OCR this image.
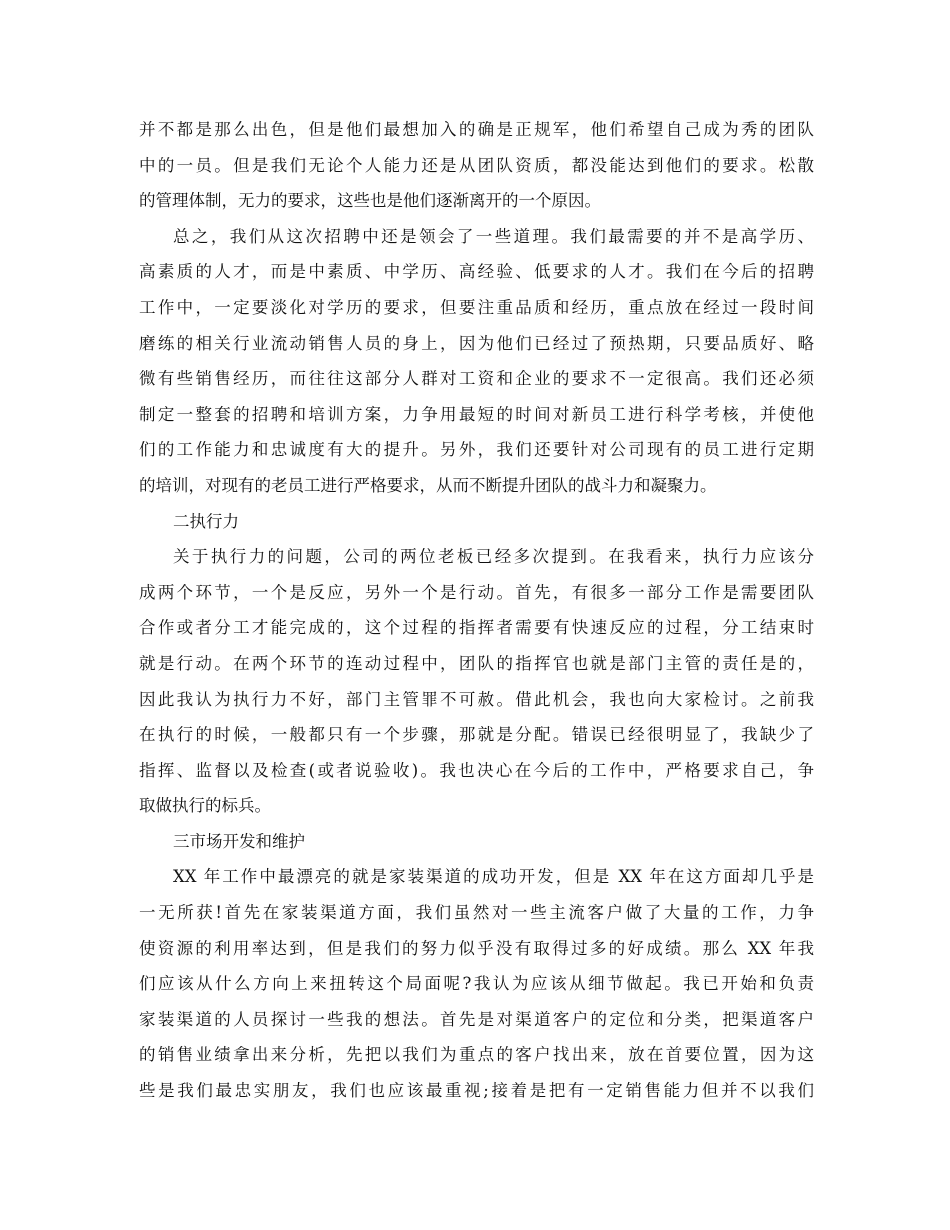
并不都是那么出色，但是他们最想加入的确是正规军，他们希望自己成为秀的团队
中的一员。但是我们无论个人能力还是从团队资质，都没能达到他们的要求。松散
的管理体制，无力的要求，这些也是他们逐渐离开的一个原因。
总之，我们从这次招聘中还是领会了一些道理。我们最需要的并不是高学历、
高素质的人才，而是中素质、中学历、高经验、低要求的人才。我们在今后的招聘
工作中，一定要淡化对学历的要求，但要注重品质和经历，重点放在经过一段时间
磨练的相关行业流动销售人员的身上，因为他们已经过了预热期，只要品质好、略
微有些销售经历，而往往这部分人群对工资和企业的要求不一定很高。我们还必须
制定一整套的招聘和培训方案，力争用最短的时间对新员工进行科学考核，并使他
们的工作能力和忠诚度有大的提升。另外，我们还要针对公司现有的员工进行定期
的培训，对现有的老员工进行严格要求，从而不断提升团队的战斗力和凝聚力。
二执行力
关于执行力的问题，公司的两位老板已经多次提到。在我看来，执行力应该分
成两个环节，一个是反应，另外一个是行动。首先，有很多一部分工作是需要团队
合作或者分工才能完成的，这个过程的指挥者需要有快速反应的过程，分工结束时
就是行动。在两个环节的连动过程中，团队的指挥官也就是部门主管的责任是的，
因此我认为执行力不好，部门主管罪不可赦。借此机会，我也向大家检讨。之前我
在执行的时候，一般都只有一个步骤，那就是分配。错误已经很明显了，我缺少了
指挥、监督以及检查(或者说验收)。我也决心在今后的工作中，严格要求自己，争
取做执行的标兵。
三市场开发和维护
XX 年工作中最漂亮的就是家装渠道的成功开发，但是 XX 年在这方面却几乎是
一无所获!首先在家装渠道方面，我们虽然对一些主流客户做了大量的工作，力争
使资源的利用率达到，但是我们的努力似乎没有取得过多的好成绩。那么 XX 年我
们应该从什么方向上来扭转这个局面呢?我认为应该从细节做起。我已开始和负责
家装渠道的人员探讨一些我的想法。首先是对渠道客户的定位和分类，把渠道客户
的销售业绩拿出来分析，先把以我们为重点的客户找出来，放在首要位置，因为这
些是我们最忠实朋友，我们也应该最重视;接着是把有一定销售能力但并不以我们
